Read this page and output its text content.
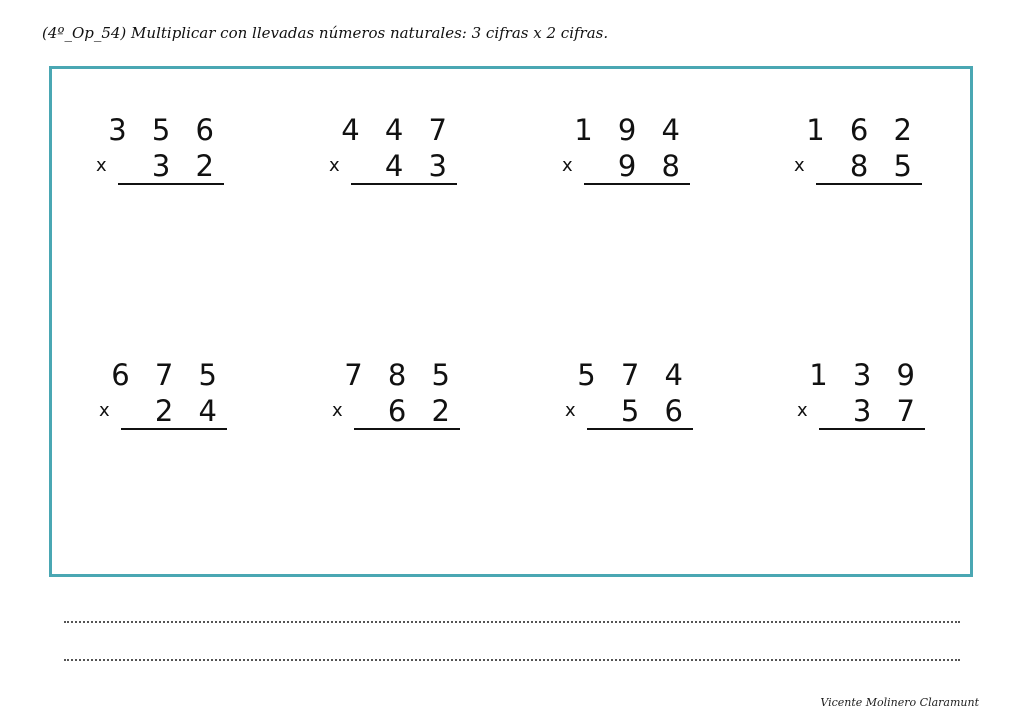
(4º_Op_54) Multiplicar con llevadas números naturales: 3 cifras x 2 cifras.
3 5 6
3 2
x
4 4 7
4 3
x
1 9 4
9 8
x
1 6 2
8 5
x
6 7 5
2 4
x
7 8 5
6 2
x
5 7 4
5 6
x
1 3 9
3 7
x
Vicente Molinero Claramunt
